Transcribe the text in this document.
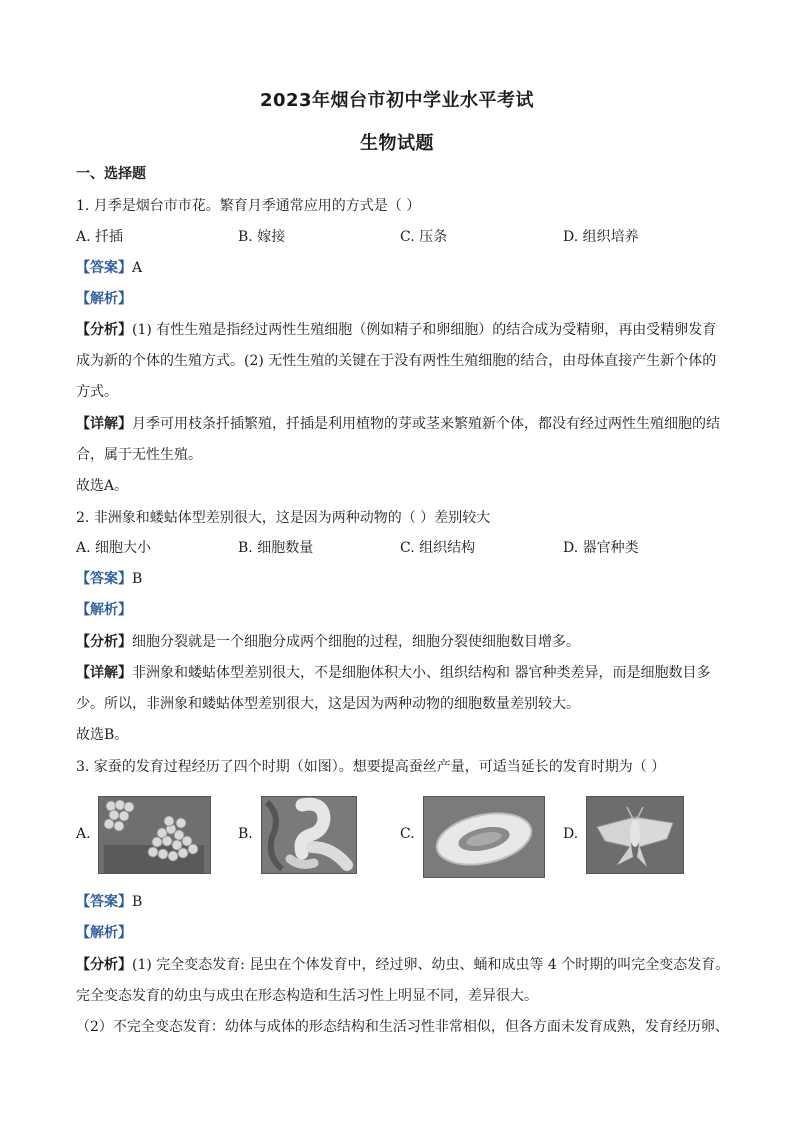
2023年烟台市初中学业水平考试
生物试题
一、选择题
1. 月季是烟台市市花。繁育月季通常应用的方式是（ ）
A. 扦插	B. 嫁接	C. 压条	D. 组织培养
【答案】A
【解析】
【分析】(1) 有性生殖是指经过两性生殖细胞（例如精子和卵细胞）的结合成为受精卵，再由受精卵发育
成为新的个体的生殖方式。(2) 无性生殖的关键在于没有两性生殖细胞的结合，由母体直接产生新个体的
方式。
【详解】月季可用枝条扦插繁殖，扦插是利用植物的芽或茎来繁殖新个体，都没有经过两性生殖细胞的结
合，属于无性生殖。
故选A。
2. 非洲象和蝼蛄体型差别很大，这是因为两种动物的（ ）差别较大
A. 细胞大小	B. 细胞数量	C. 组织结构	D. 器官种类
【答案】B
【解析】
【分析】细胞分裂就是一个细胞分成两个细胞的过程，细胞分裂使细胞数目增多。
【详解】非洲象和蝼蛄体型差别很大，不是细胞体积大小、组织结构和 器官种类差异，而是细胞数目多
少。所以，非洲象和蝼蛄体型差别很大，这是因为两种动物的细胞数量差别较大。
故选B。
3. 家蚕的发育过程经历了四个时期（如图）。想要提高蚕丝产量，可适当延长的发育时期为（ ）
A.	B.	C.	D.
【答案】B
【解析】
【分析】(1) 完全变态发育: 昆虫在个体发育中，经过卵、幼虫、蛹和成虫等 4 个时期的叫完全变态发育。
完全变态发育的幼虫与成虫在形态构造和生活习性上明显不同，差异很大。
（2）不完全变态发育：幼体与成体的形态结构和生活习性非常相似，但各方面未发育成熟，发育经历卵、
